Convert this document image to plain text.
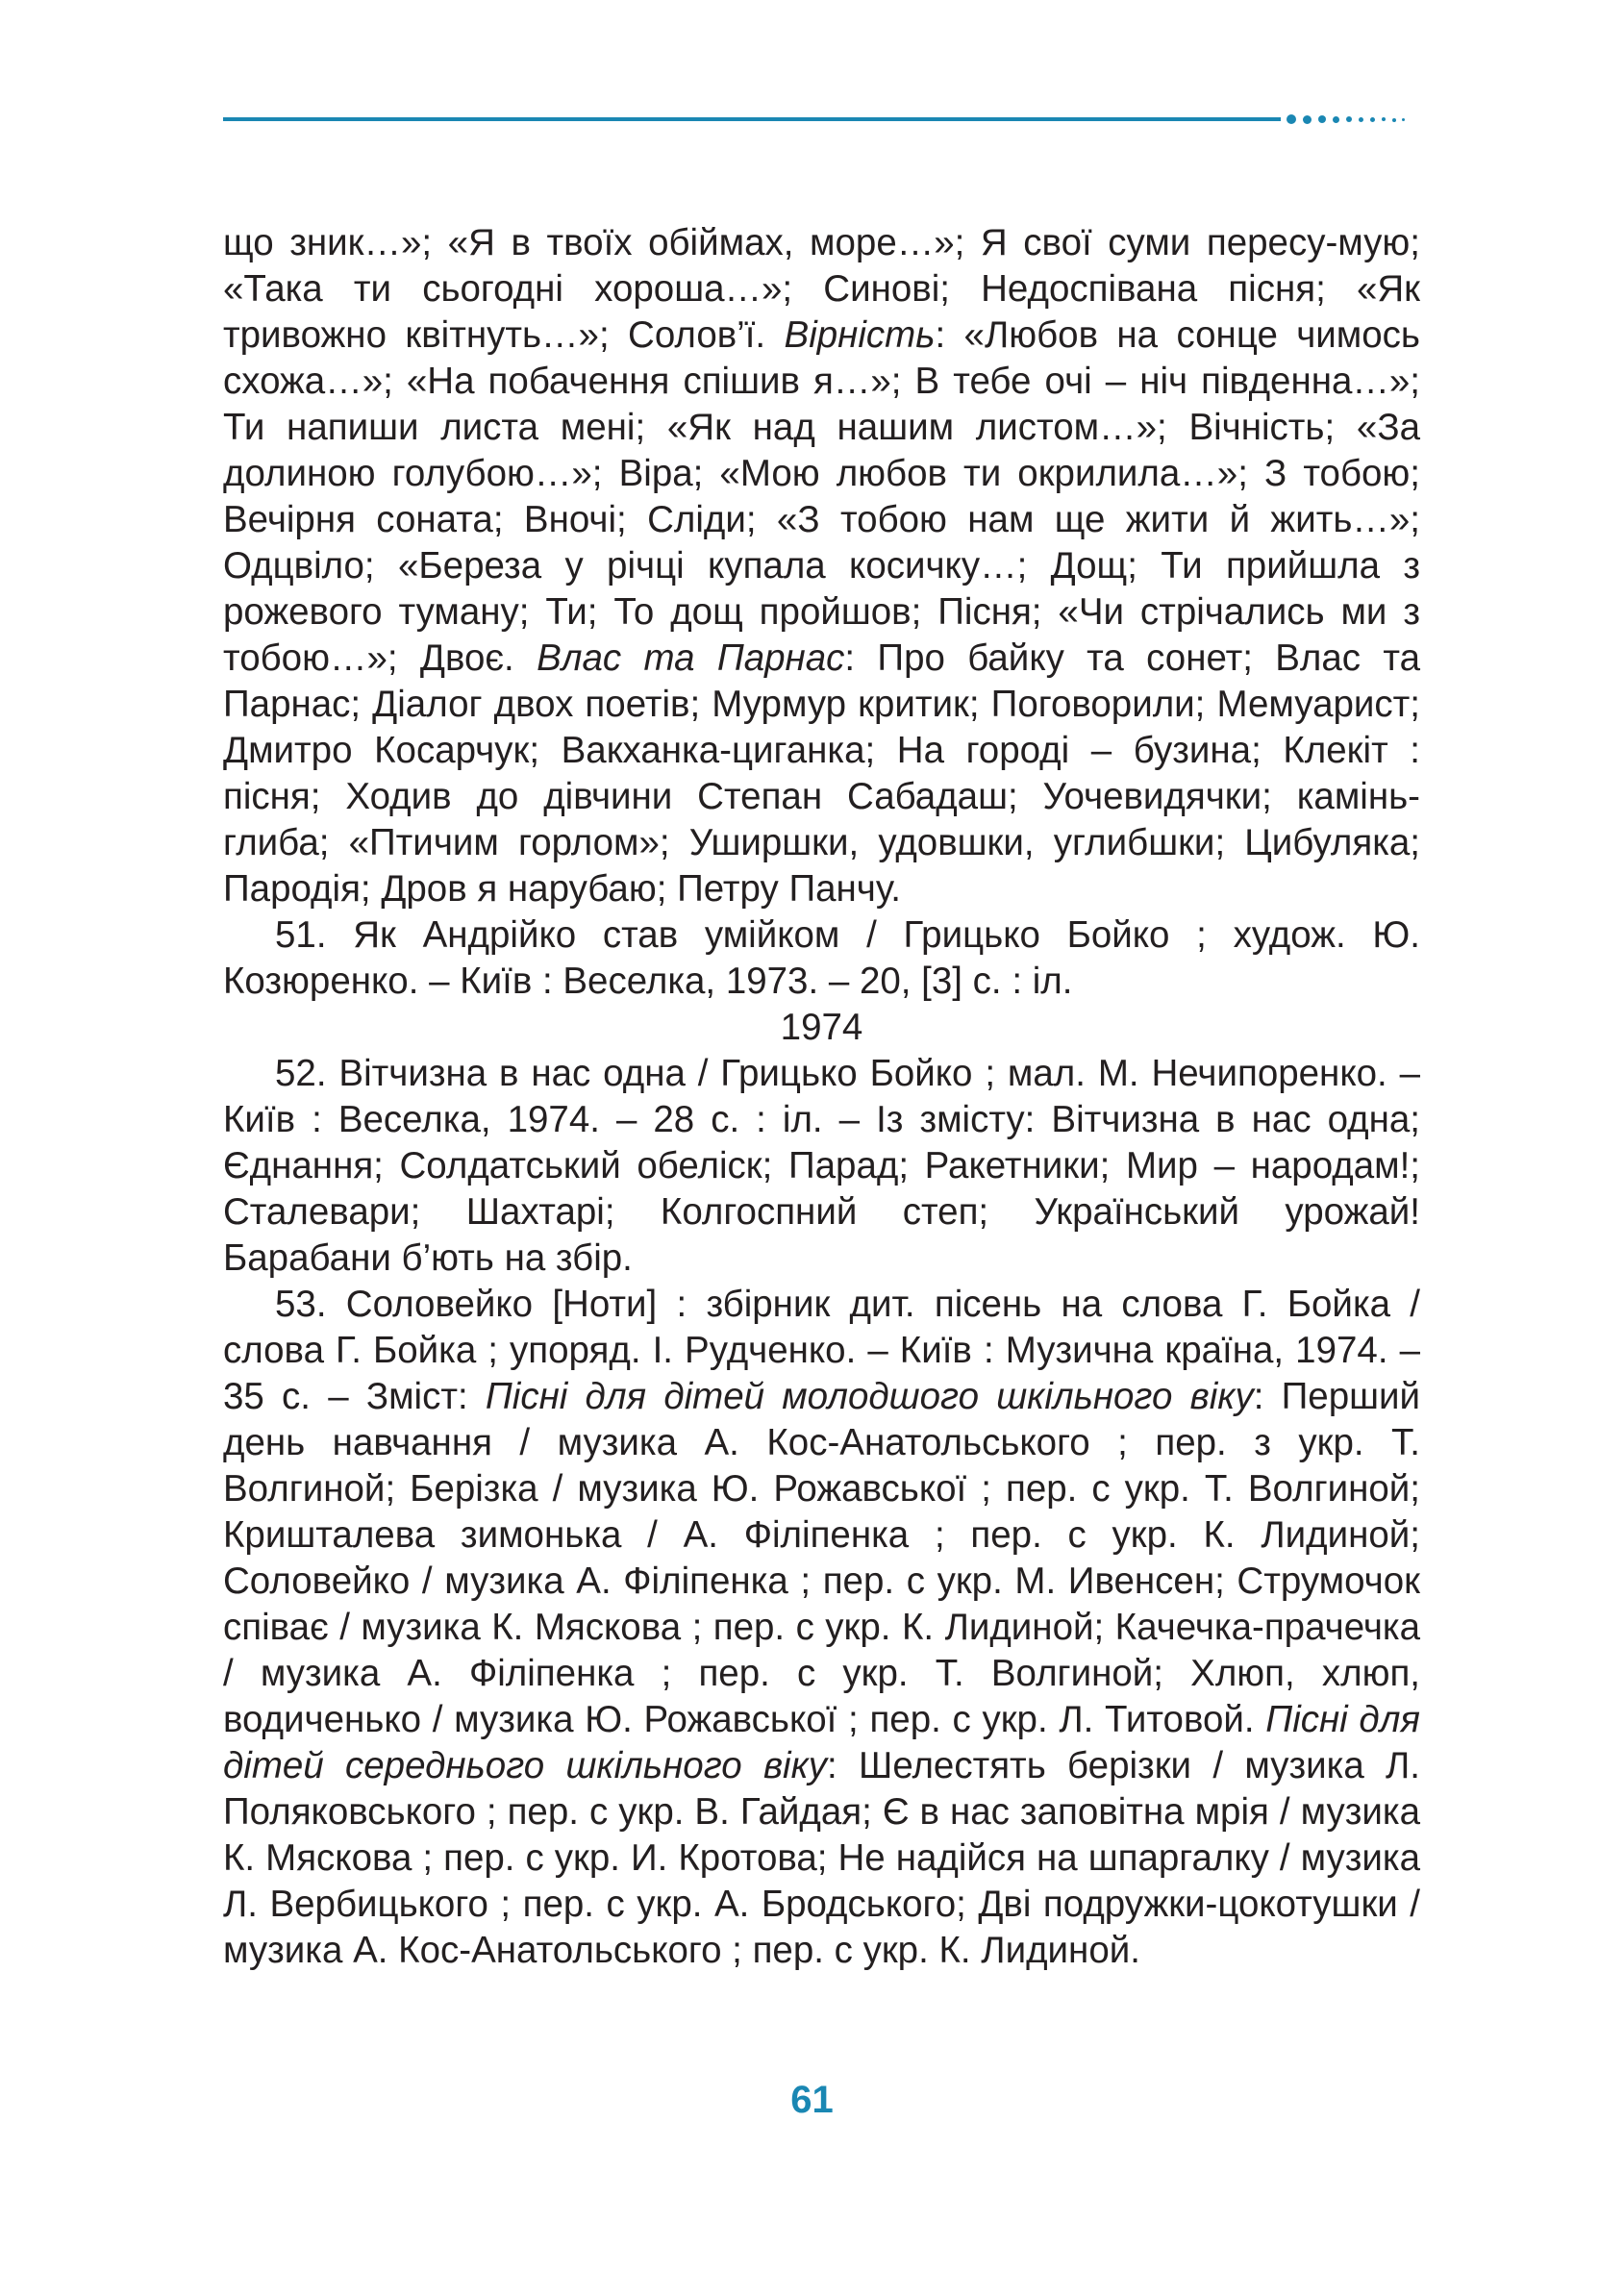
що зник…»; «Я в твоїх обіймах, море…»; Я свої суми пересу-мую; «Така ти сьогодні хороша…»; Синові; Недоспівана пісня; «Як тривожно квітнуть…»; Солов’ї. Вірність: «Любов на сонце чимось схожа…»; «На побачення спішив я…»; В тебе очі – ніч південна…»; Ти напиши листа мені; «Як над нашим листом…»; Вічність; «За долиною голубою…»; Віра; «Мою любов ти окрилила…»; З тобою; Вечірня соната; Вночі; Сліди; «З тобою нам ще жити й жить…»; Одцвіло; «Береза у річці купала косичку…; Дощ; Ти прийшла з рожевого туману; Ти; То дощ пройшов; Пісня; «Чи стрічались ми з тобою…»; Двоє. Влас та Парнас: Про байку та сонет; Влас та Парнас; Діалог двох поетів; Мурмур критик; Поговорили; Мемуарист; Дмитро Косарчук; Вакханка-циганка; На городі – бузина; Клекіт : пісня; Ходив до дівчини Степан Сабадаш; Уочевидячки; камінь-глиба; «Птичим горлом»; Уширшки, удовшки, углибшки; Цибуляка; Пародія; Дров я нарубаю; Петру Панчу.

51. Як Андрійко став умійком / Грицько Бойко ; худож. Ю. Козюренко. – Київ : Веселка, 1973. – 20, [3] с. : іл.

1974

52. Вітчизна в нас одна / Грицько Бойко ; мал. М. Нечипоренко. – Київ : Веселка, 1974. – 28 с. : іл. – Із змісту: Вітчизна в нас одна; Єднання; Солдатський обеліск; Парад; Ракетники; Мир – народам!; Сталевари; Шахтарі; Колгоспний степ; Український урожай! Барабани б’ють на збір.

53. Соловейко [Ноти] : збірник дит. пісень на слова Г. Бойка / слова Г. Бойка ; упоряд. І. Рудченко. – Київ : Музична країна, 1974. – 35 с. – Зміст: Пісні для дітей молодшого шкільного віку: Перший день навчання / музика А. Кос-Анатольського ; пер. з укр. Т. Волгиной; Берізка / музика Ю. Рожавської ; пер. с укр. Т. Волгиной; Кришталева зимонька / А. Філіпенка ; пер. с укр. К. Лидиной; Соловейко / музика А. Філіпенка ; пер. с укр. М. Ивенсен; Струмочок співає / музика К. Мяскова ; пер. с укр. К. Лидиной; Качечка-прачечка / музика А. Філіпенка ; пер. с укр. Т. Волгиной; Хлюп, хлюп, водиченько / музика Ю. Рожавської ; пер. с укр. Л. Титовой. Пісні для дітей середнього шкільного віку: Шелестять берізки / музика Л. Поляковського ; пер. с укр. В. Гайдая; Є в нас заповітна мрія / музика К. Мяскова ; пер. с укр. И. Кротова; Не надійся на шпаргалку / музика Л. Вербицького ; пер. с укр. А. Бродського; Дві подружки-цокотушки / музика А. Кос-Анатольського ; пер. с укр. К. Лидиной.

61
